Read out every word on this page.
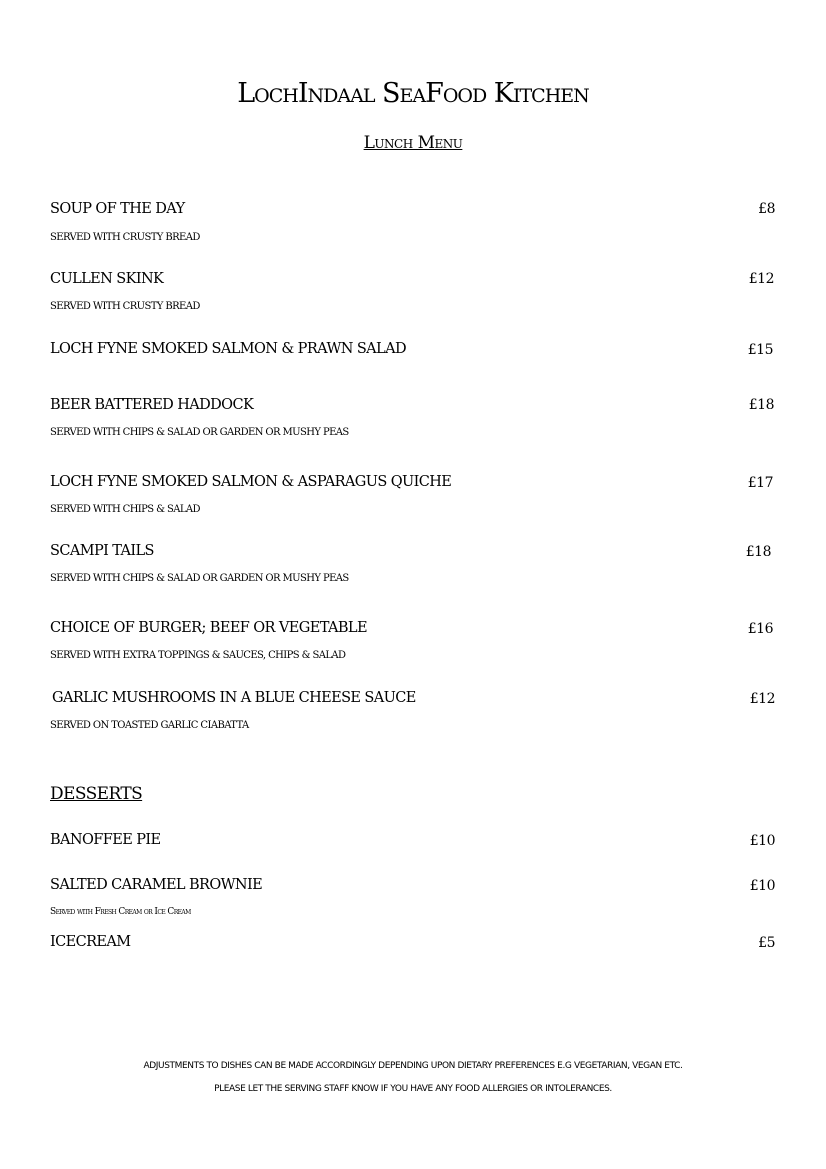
LochIndaal SeaFood Kitchen
Lunch Menu
SOUP OF THE DAY	£8
SERVED WITH CRUSTY BREAD
CULLEN SKINK	£12
SERVED WITH CRUSTY BREAD
LOCH FYNE SMOKED SALMON & PRAWN SALAD	£15
BEER BATTERED HADDOCK	£18
SERVED WITH CHIPS & SALAD OR GARDEN OR MUSHY PEAS
LOCH FYNE SMOKED SALMON & ASPARAGUS QUICHE	£17
SERVED WITH CHIPS & SALAD
SCAMPI TAILS	£18
SERVED WITH CHIPS & SALAD OR GARDEN OR MUSHY PEAS
CHOICE OF BURGER; BEEF OR VEGETABLE	£16
SERVED WITH EXTRA TOPPINGS & SAUCES, CHIPS & SALAD
GARLIC MUSHROOMS IN A BLUE CHEESE SAUCE	£12
SERVED ON TOASTED GARLIC CIABATTA
DESSERTS
BANOFFEE PIE	£10
SALTED CARAMEL BROWNIE	£10
Served with Fresh Cream or Ice Cream
ICECREAM	£5
ADJUSTMENTS TO DISHES CAN BE MADE ACCORDINGLY DEPENDING UPON DIETARY PREFERENCES E.G VEGETARIAN, VEGAN ETC.
PLEASE LET THE SERVING STAFF KNOW IF YOU HAVE ANY FOOD ALLERGIES OR INTOLERANCES.
